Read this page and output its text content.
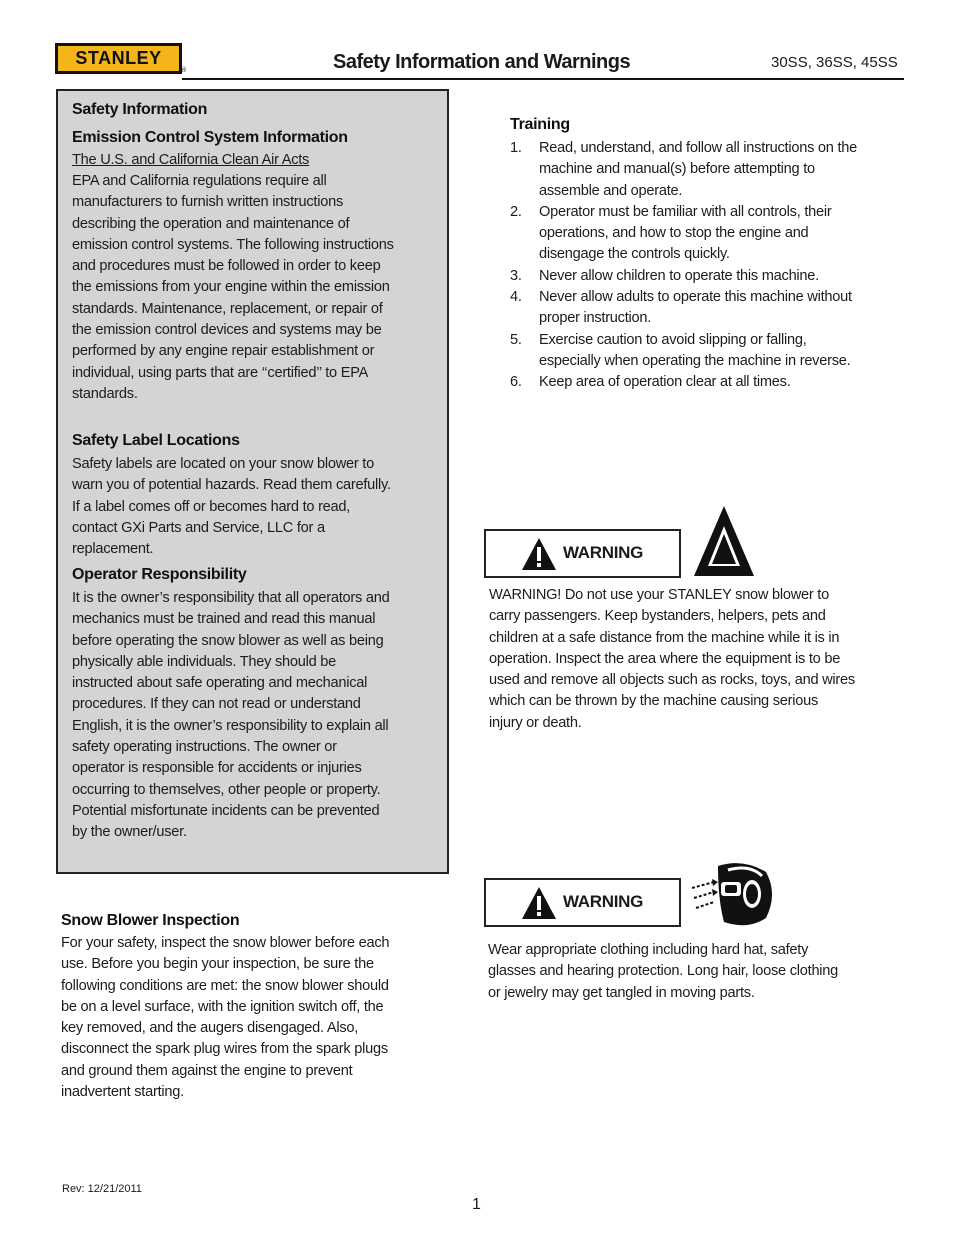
STANLEY
®	Safety Information and Warnings	30SS, 36SS, 45SS
Safety Information
Emission Control System Information
The U.S. and California Clean Air Acts
EPA and California regulations require all
manufacturers to furnish written instructions
describing the operation and maintenance of
emission control systems. The following instructions
and procedures must be followed in order to keep
the emissions from your engine within the emission
standards. Maintenance, replacement, or repair of
the emission control devices and systems may be
performed by any engine repair establishment or
individual, using parts that are ‘‘certified’’ to EPA
standards.
Safety Label Locations
Safety labels are located on your snow blower to
warn you of potential hazards. Read them carefully.
If a label comes off or becomes hard to read,
contact GXi Parts and Service, LLC for a
replacement.
Operator Responsibility
It is the owner’s responsibility that all operators and
mechanics must be trained and read this manual
before operating the snow blower as well as being
physically able individuals. They should be
instructed about safe operating and mechanical
procedures. If they can not read or understand
English, it is the owner’s responsibility to explain all
safety operating instructions. The owner or
operator is responsible for accidents or injuries
occurring to themselves, other people or property.
Potential misfortunate incidents can be prevented
by the owner/user.
Snow Blower Inspection
For your safety, inspect the snow blower before each
use. Before you begin your inspection, be sure the
following conditions are met: the snow blower should
be on a level surface, with the ignition switch off, the
key removed, and the augers disengaged. Also,
disconnect the spark plug wires from the spark plugs
and ground them against the engine to prevent
inadvertent starting.
Training
1. Read, understand, and follow all instructions on the
machine and manual(s) before attempting to
assemble and operate.
2. Operator must be familiar with all controls, their
operations, and how to stop the engine and
disengage the controls quickly.
3. Never allow children to operate this machine.
4. Never allow adults to operate this machine without
proper instruction.
5. Exercise caution to avoid slipping or falling,
especially when operating the machine in reverse.
6. Keep area of operation clear at all times.
WARNING
WARNING! Do not use your STANLEY snow blower to
carry passengers. Keep bystanders, helpers, pets and
children at a safe distance from the machine while it is in
operation. Inspect the area where the equipment is to be
used and remove all objects such as rocks, toys, and wires
which can be thrown by the machine causing serious
injury or death.
WARNING
Wear appropriate clothing including hard hat, safety
glasses and hearing protection. Long hair, loose clothing
or jewelry may get tangled in moving parts.
Rev: 12/21/2011
1
